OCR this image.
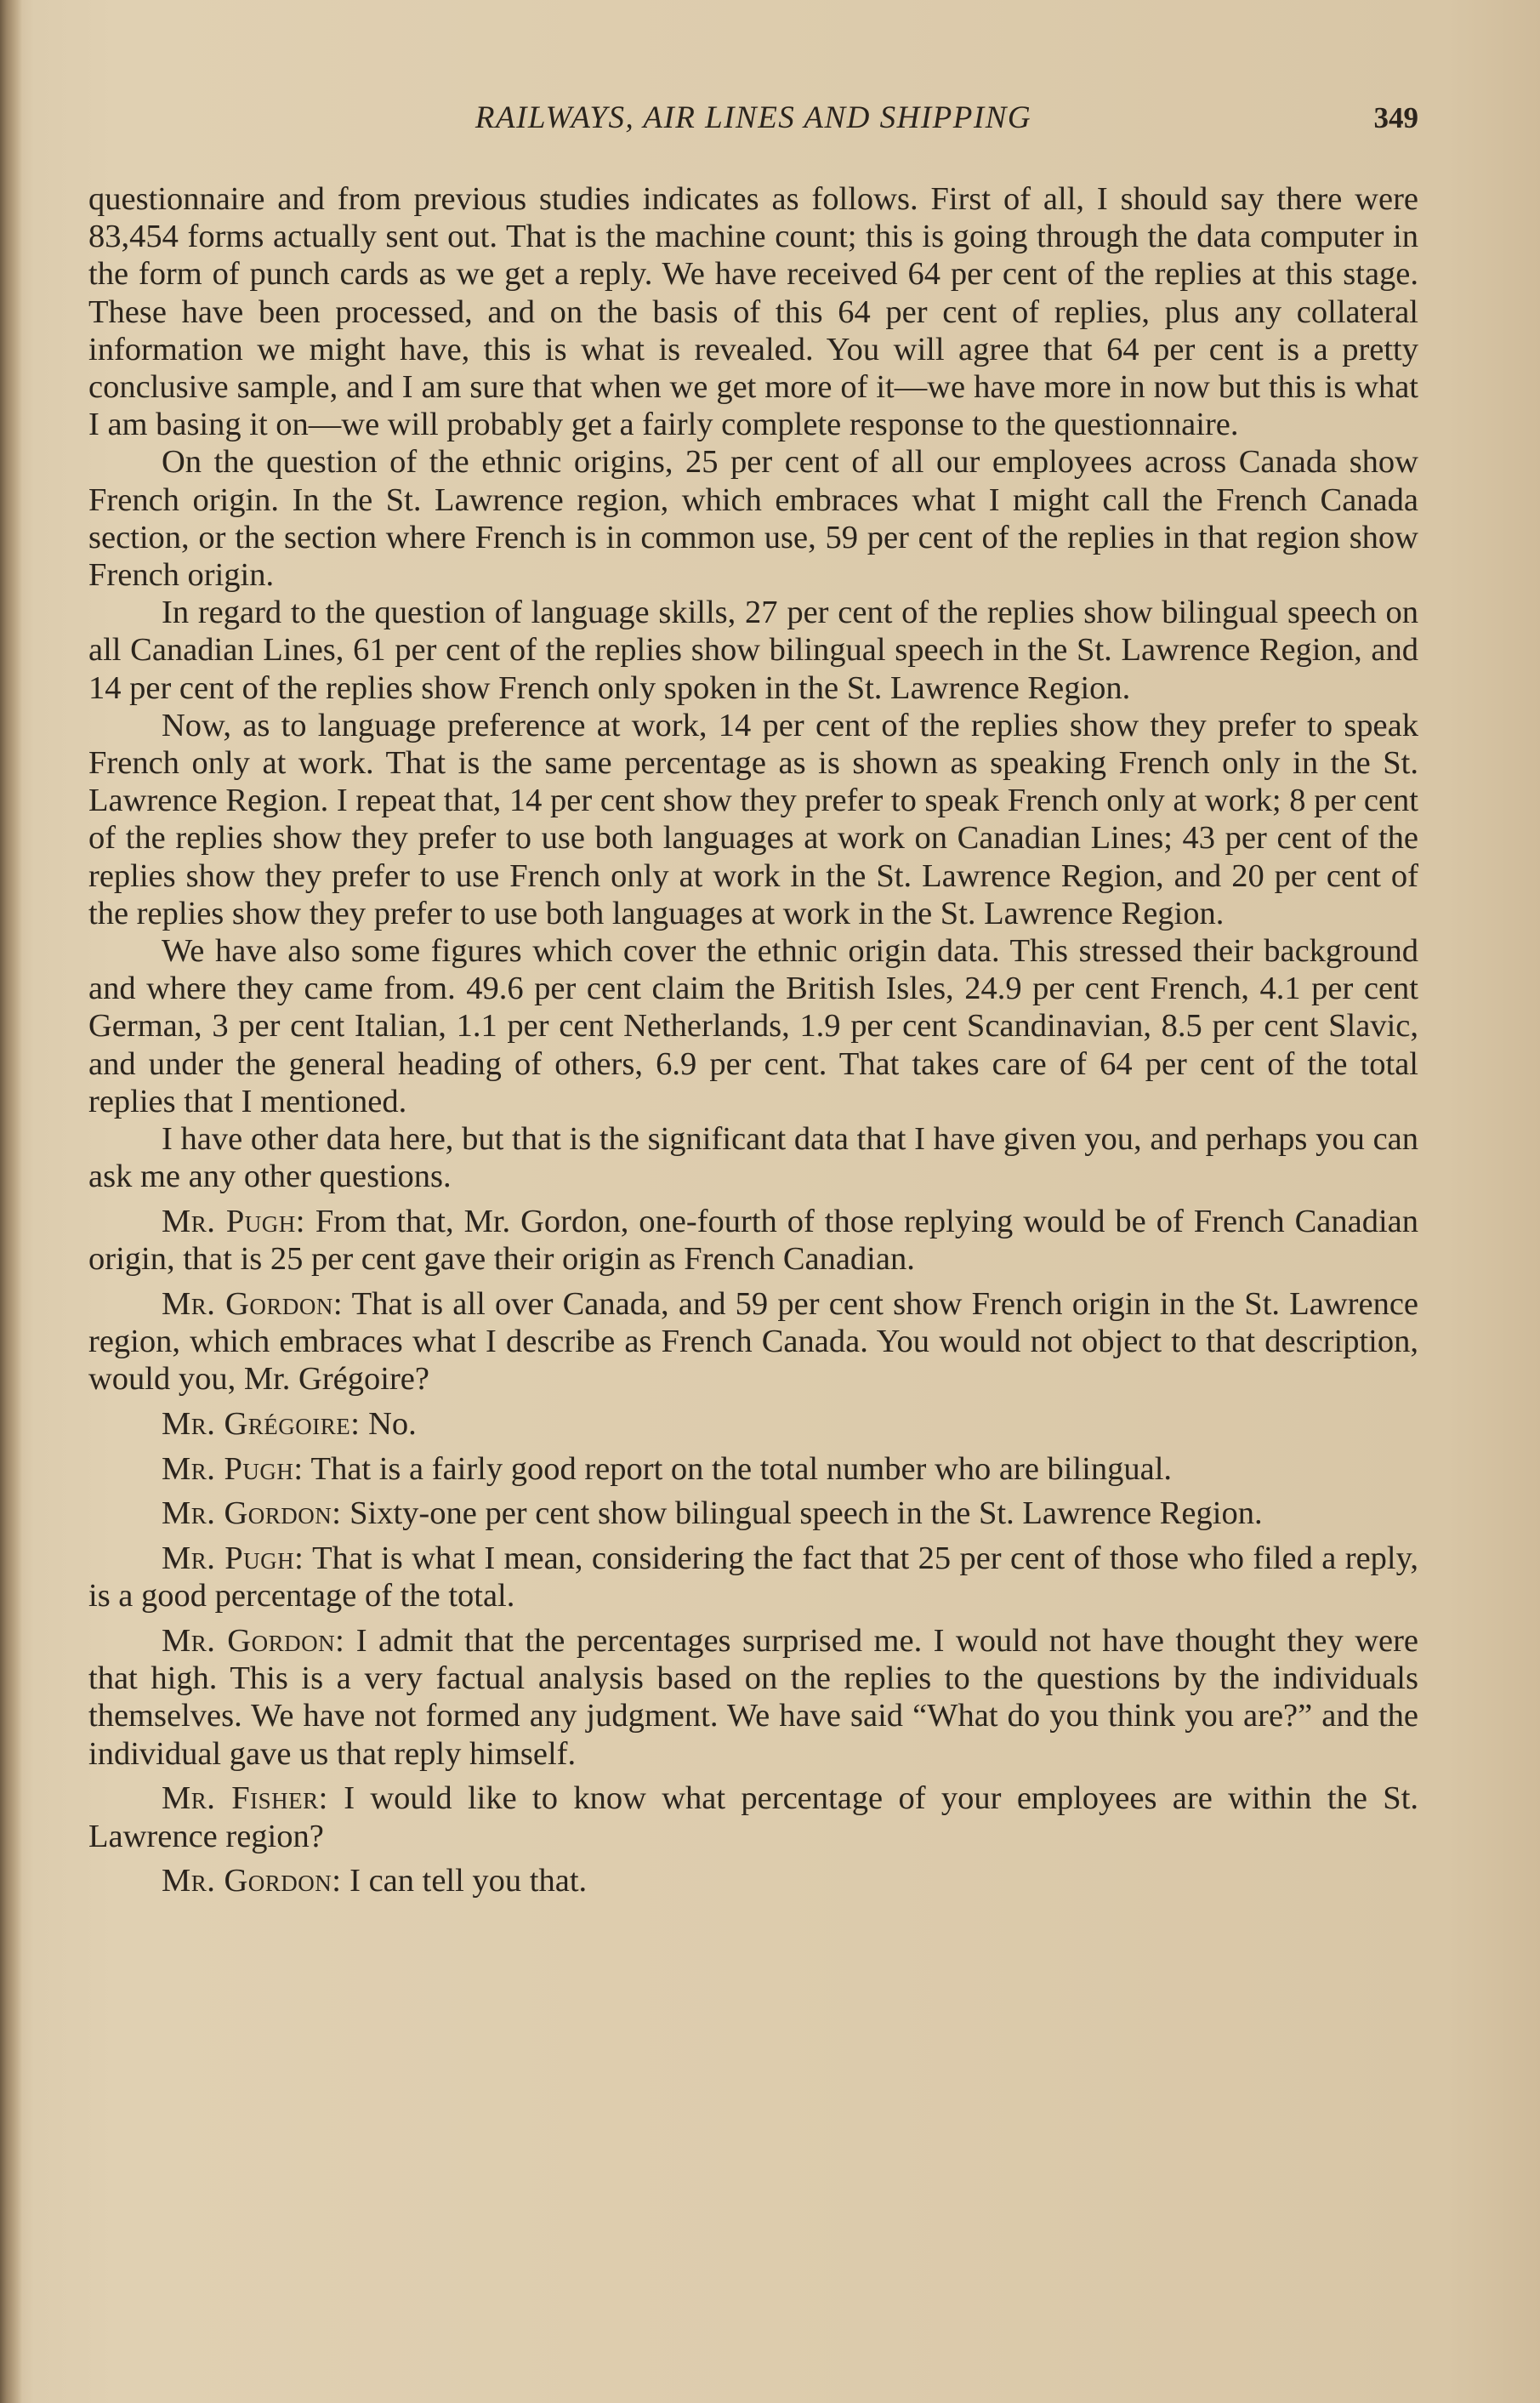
RAILWAYS, AIR LINES AND SHIPPING	349

questionnaire and from previous studies indicates as follows. First of all, I should say there were 83,454 forms actually sent out. That is the machine count; this is going through the data computer in the form of punch cards as we get a reply. We have received 64 per cent of the replies at this stage. These have been processed, and on the basis of this 64 per cent of replies, plus any collateral information we might have, this is what is revealed. You will agree that 64 per cent is a pretty conclusive sample, and I am sure that when we get more of it—we have more in now but this is what I am basing it on—we will probably get a fairly complete response to the questionnaire.

On the question of the ethnic origins, 25 per cent of all our employees across Canada show French origin. In the St. Lawrence region, which embraces what I might call the French Canada section, or the section where French is in common use, 59 per cent of the replies in that region show French origin.

In regard to the question of language skills, 27 per cent of the replies show bilingual speech on all Canadian Lines, 61 per cent of the replies show bilingual speech in the St. Lawrence Region, and 14 per cent of the replies show French only spoken in the St. Lawrence Region.

Now, as to language preference at work, 14 per cent of the replies show they prefer to speak French only at work. That is the same percentage as is shown as speaking French only in the St. Lawrence Region. I repeat that, 14 per cent show they prefer to speak French only at work; 8 per cent of the replies show they prefer to use both languages at work on Canadian Lines; 43 per cent of the replies show they prefer to use French only at work in the St. Lawrence Region, and 20 per cent of the replies show they prefer to use both languages at work in the St. Lawrence Region.

We have also some figures which cover the ethnic origin data. This stressed their background and where they came from. 49.6 per cent claim the British Isles, 24.9 per cent French, 4.1 per cent German, 3 per cent Italian, 1.1 per cent Netherlands, 1.9 per cent Scandinavian, 8.5 per cent Slavic, and under the general heading of others, 6.9 per cent. That takes care of 64 per cent of the total replies that I mentioned.

I have other data here, but that is the significant data that I have given you, and perhaps you can ask me any other questions.

Mr. Pugh: From that, Mr. Gordon, one-fourth of those replying would be of French Canadian origin, that is 25 per cent gave their origin as French Canadian.

Mr. Gordon: That is all over Canada, and 59 per cent show French origin in the St. Lawrence region, which embraces what I describe as French Canada. You would not object to that description, would you, Mr. Grégoire?

Mr. Grégoire: No.

Mr. Pugh: That is a fairly good report on the total number who are bilingual.

Mr. Gordon: Sixty-one per cent show bilingual speech in the St. Lawrence Region.

Mr. Pugh: That is what I mean, considering the fact that 25 per cent of those who filed a reply, is a good percentage of the total.

Mr. Gordon: I admit that the percentages surprised me. I would not have thought they were that high. This is a very factual analysis based on the replies to the questions by the individuals themselves. We have not formed any judgment. We have said “What do you think you are?” and the individual gave us that reply himself.

Mr. Fisher: I would like to know what percentage of your employees are within the St. Lawrence region?

Mr. Gordon: I can tell you that.
